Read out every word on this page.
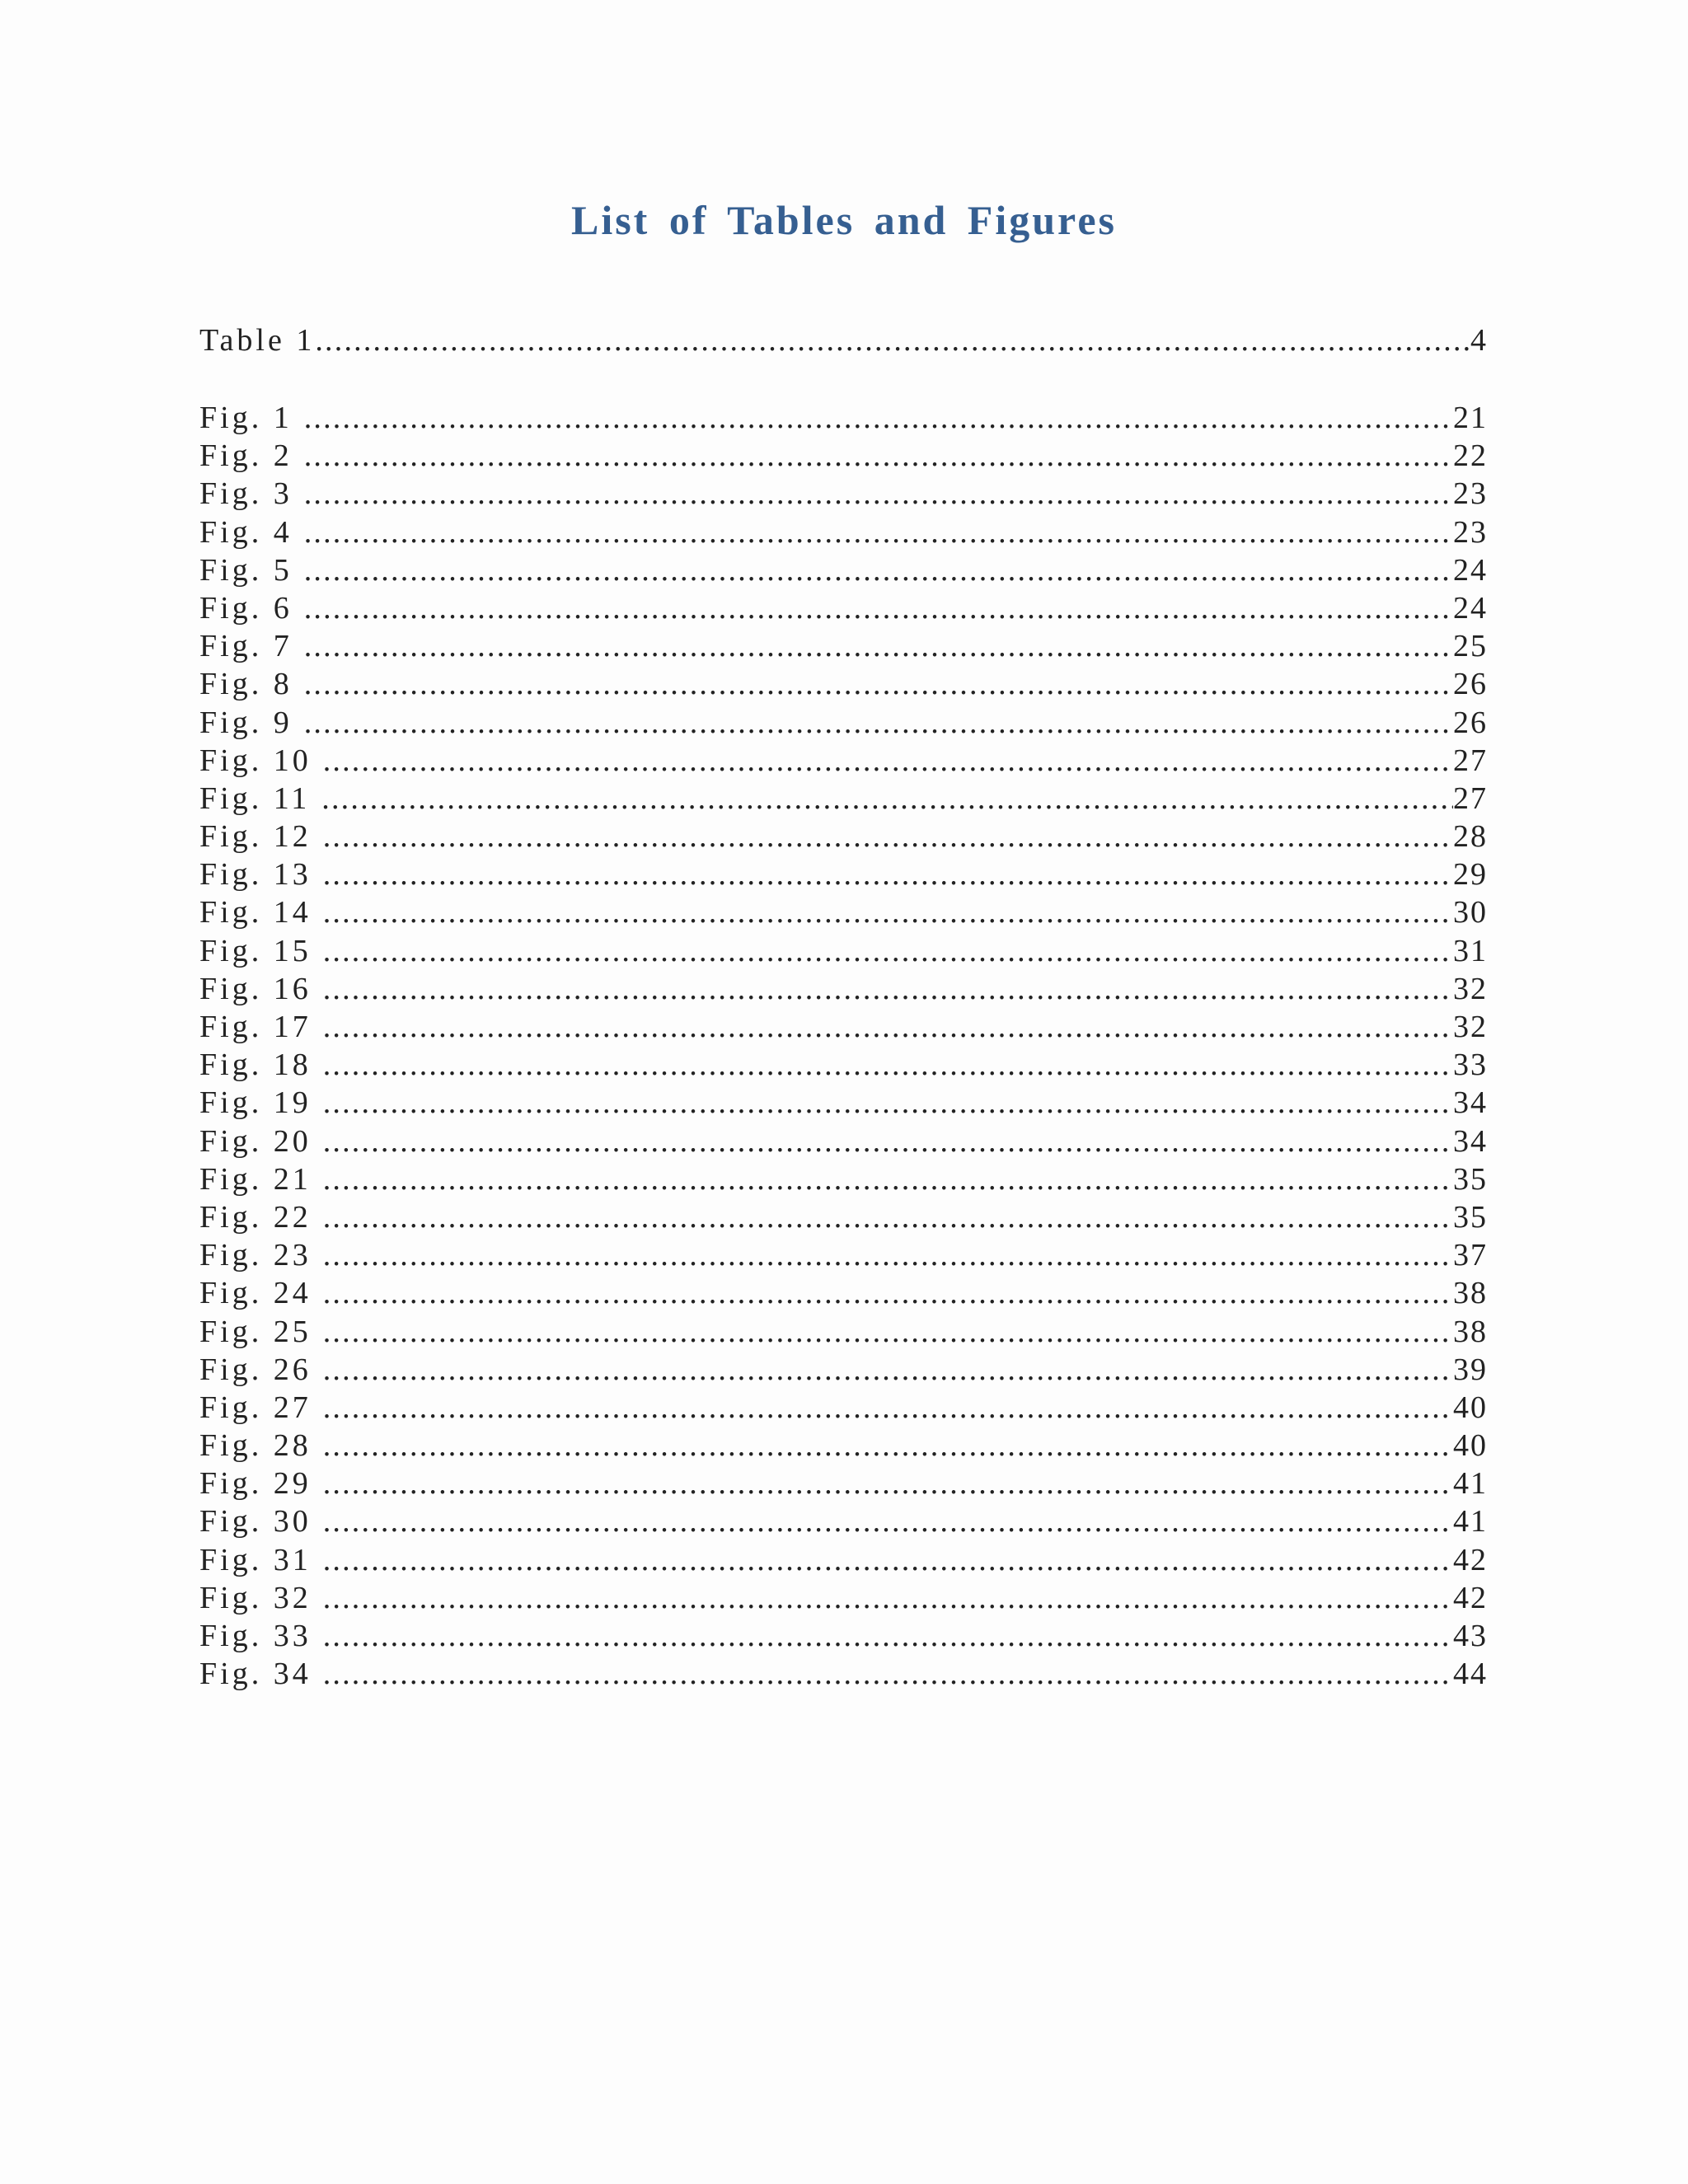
List of Tables and Figures
Table 1 .....	4
Fig. 1 .....	21
Fig. 2 .....	22
Fig. 3 .....	23
Fig. 4 .....	23
Fig. 5 .....	24
Fig. 6 .....	24
Fig. 7 .....	25
Fig. 8 .....	26
Fig. 9 .....	26
Fig. 10 .....	27
Fig. 11 .....	27
Fig. 12 .....	28
Fig. 13 .....	29
Fig. 14 .....	30
Fig. 15 .....	31
Fig. 16 .....	32
Fig. 17 .....	32
Fig. 18 .....	33
Fig. 19 .....	34
Fig. 20 .....	34
Fig. 21 .....	35
Fig. 22 .....	35
Fig. 23 .....	37
Fig. 24 .....	38
Fig. 25 .....	38
Fig. 26 .....	39
Fig. 27 .....	40
Fig. 28 .....	40
Fig. 29 .....	41
Fig. 30 .....	41
Fig. 31 .....	42
Fig. 32 .....	42
Fig. 33 .....	43
Fig. 34 .....	44
